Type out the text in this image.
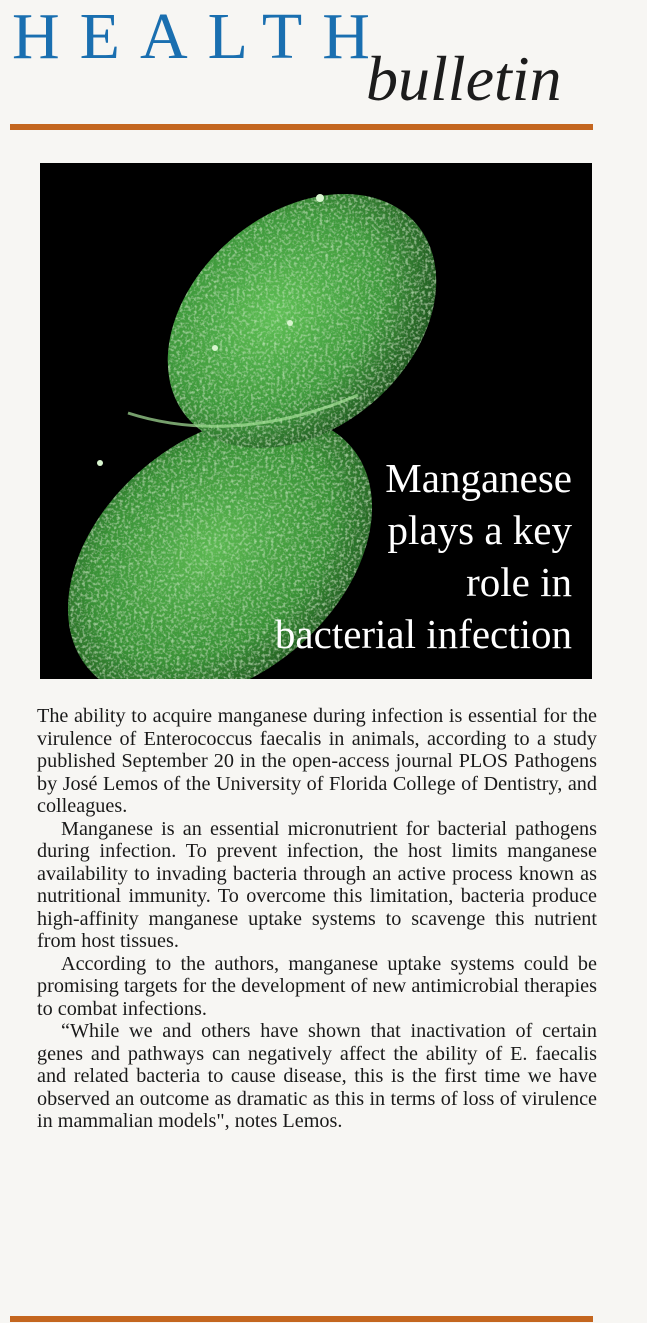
HEALTH
bulletin
Manganese
plays a key
role in
bacterial infection

The ability to acquire manganese during infection is essential for the virulence of Enterococcus faecalis in animals, according to a study published September 20 in the open-access journal PLOS Pathogens by José Lemos of the University of Florida College of Dentistry, and colleagues.

Manganese is an essential micronutrient for bacterial pathogens during infection. To prevent infection, the host limits manganese availability to invading bacteria through an active process known as nutritional immunity. To overcome this limitation, bacteria produce high-affinity manganese uptake systems to scavenge this nutrient from host tissues.

According to the authors, manganese uptake systems could be promising targets for the development of new antimicrobial therapies to combat infections.

“While we and others have shown that inactivation of certain genes and pathways can negatively affect the ability of E. faecalis and related bacteria to cause disease, this is the first time we have observed an outcome as dramatic as this in terms of loss of virulence in mammalian models", notes Lemos.
